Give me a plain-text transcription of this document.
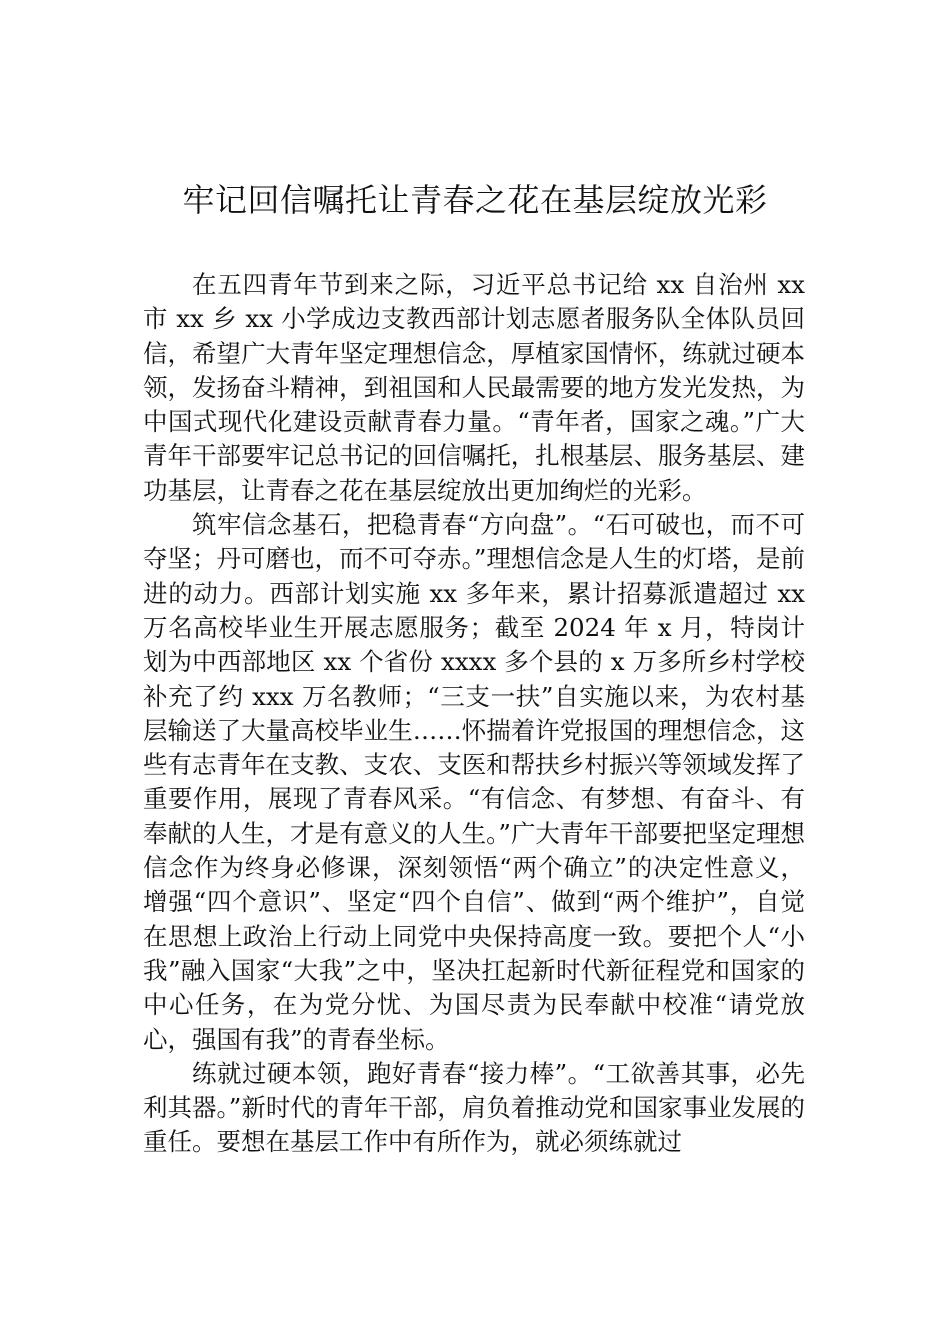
牢记回信嘱托让青春之花在基层绽放光彩

在五四青年节到来之际，习近平总书记给 xx 自治州 xx 市 xx 乡 xx 小学成边支教西部计划志愿者服务队全体队员回信，希望广大青年坚定理想信念，厚植家国情怀，练就过硬本领，发扬奋斗精神，到祖国和人民最需要的地方发光发热，为中国式现代化建设贡献青春力量。“青年者，国家之魂。”广大青年干部要牢记总书记的回信嘱托，扎根基层、服务基层、建功基层，让青春之花在基层绽放出更加绚烂的光彩。

筑牢信念基石，把稳青春“方向盘”。“石可破也，而不可夺坚；丹可磨也，而不可夺赤。”理想信念是人生的灯塔，是前进的动力。西部计划实施 xx 多年来，累计招募派遣超过 xx 万名高校毕业生开展志愿服务；截至 2024 年 x 月，特岗计划为中西部地区 xx 个省份 xxxx 多个县的 x 万多所乡村学校补充了约 xxx 万名教师；“三支一扶”自实施以来，为农村基层输送了大量高校毕业生……怀揣着许党报国的理想信念，这些有志青年在支教、支农、支医和帮扶乡村振兴等领域发挥了重要作用，展现了青春风采。“有信念、有梦想、有奋斗、有奉献的人生，才是有意义的人生。”广大青年干部要把坚定理想信念作为终身必修课，深刻领悟“两个确立”的决定性意义，增强“四个意识”、坚定“四个自信”、做到“两个维护”，自觉在思想上政治上行动上同党中央保持高度一致。要把个人“小我”融入国家“大我”之中，坚决扛起新时代新征程党和国家的中心任务，在为党分忧、为国尽责为民奉献中校准“请党放心，强国有我”的青春坐标。

练就过硬本领，跑好青春“接力棒”。“工欲善其事，必先利其器。”新时代的青年干部，肩负着推动党和国家事业发展的重任。要想在基层工作中有所作为，就必须练就过
